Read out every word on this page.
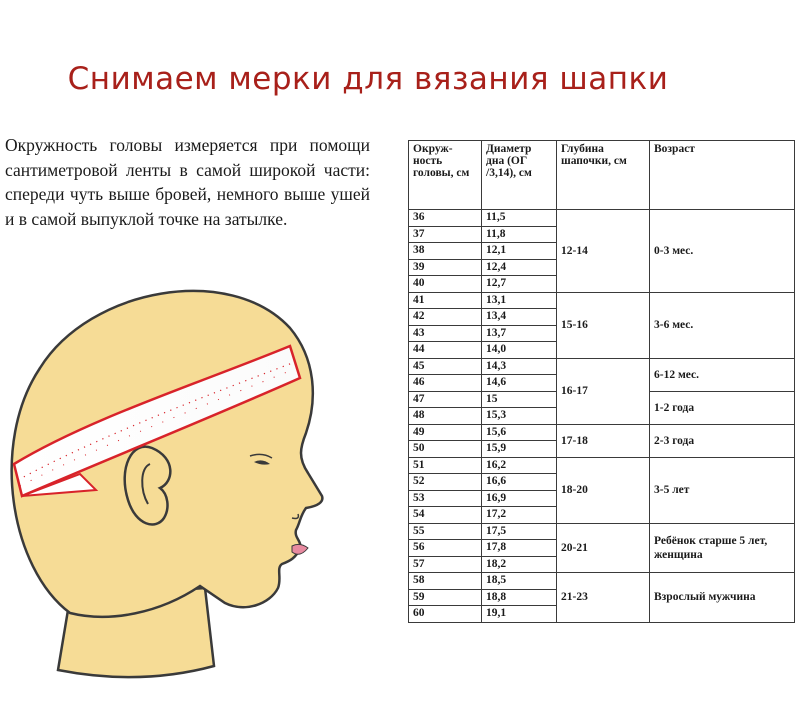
Снимаем мерки для вязания шапки

Окружность головы измеряется при помощи сантиметровой ленты в самой широкой части: спереди чуть выше бровей, немного выше ушей и в самой выпуклой точке на затылке.

Окруж-ность головы, см	Диаметр дна (ОГ /3,14), см	Глубина шапочки, см	Возраст
36	11,5	12-14	0-3 мес.
37	11,8		
38	12,1		
39	12,4		
40	12,7		
41	13,1	15-16	3-6 мес.
42	13,4		
43	13,7		
44	14,0		
45	14,3	16-17	6-12 мес.
46	14,6		
47	15		1-2 года
48	15,3		
49	15,6	17-18	2-3 года
50	15,9		
51	16,2	18-20	3-5 лет
52	16,6		
53	16,9		
54	17,2		
55	17,5	20-21	Ребёнок старше 5 лет, женщина
56	17,8		
57	18,2		
58	18,5	21-23	Взрослый мужчина
59	18,8		
60	19,1		
